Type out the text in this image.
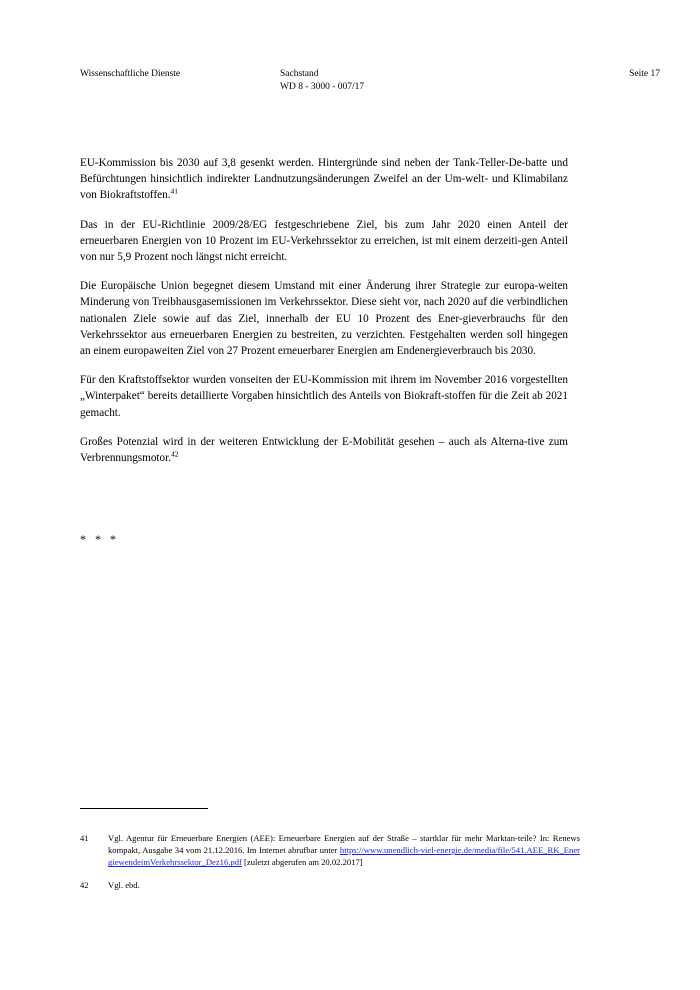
Wissenschaftliche Dienste	Sachstand
WD 8 - 3000 - 007/17
Seite 17

EU-Kommission bis 2030 auf 3,8 gesenkt werden. Hintergründe sind neben der Tank-Teller-De-batte und Befürchtungen hinsichtlich indirekter Landnutzungsänderungen Zweifel an der Um-welt- und Klimabilanz von Biokraftstoffen.$^{41}$

Das in der EU-Richtlinie 2009/28/EG festgeschriebene Ziel, bis zum Jahr 2020 einen Anteil der erneuerbaren Energien von 10 Prozent im EU-Verkehrssektor zu erreichen, ist mit einem derzeiti-gen Anteil von nur 5,9 Prozent noch längst nicht erreicht.

Die Europäische Union begegnet diesem Umstand mit einer Änderung ihrer Strategie zur europa-weiten Minderung von Treibhausgasemissionen im Verkehrssektor. Diese sieht vor, nach 2020 auf die verbindlichen nationalen Ziele sowie auf das Ziel, innerhalb der EU 10 Prozent des Ener-gieverbrauchs für den Verkehrssektor aus erneuerbaren Energien zu bestreiten, zu verzichten. Festgehalten werden soll hingegen an einem europaweiten Ziel von 27 Prozent erneuerbarer Energien am Endenergieverbrauch bis 2030.

Für den Kraftstoffsektor wurden vonseiten der EU-Kommission mit ihrem im November 2016 vorgestellten „Winterpaket“ bereits detaillierte Vorgaben hinsichtlich des Anteils von Biokraft-stoffen für die Zeit ab 2021 gemacht.

Großes Potenzial wird in der weiteren Entwicklung der E-Mobilität gesehen – auch als Alterna-tive zum Verbrennungsmotor.$^{42}$

* * *
41	Vgl. Agentur für Erneuerbare Energien (AEE): Erneuerbare Energien auf der Straße – startklar für mehr Marktan-teile? In: Renews kompakt, Ausgabe 34 vom 21.12.2016. Im Internet abrufbar unter https://www.unendlich-viel-energie.de/media/file/541.AEE_RK_EnergiewendeimVerkehrssektor_Dez16.pdf [zuletzt abgerufen am 20.02.2017]
42	Vgl. ebd.
